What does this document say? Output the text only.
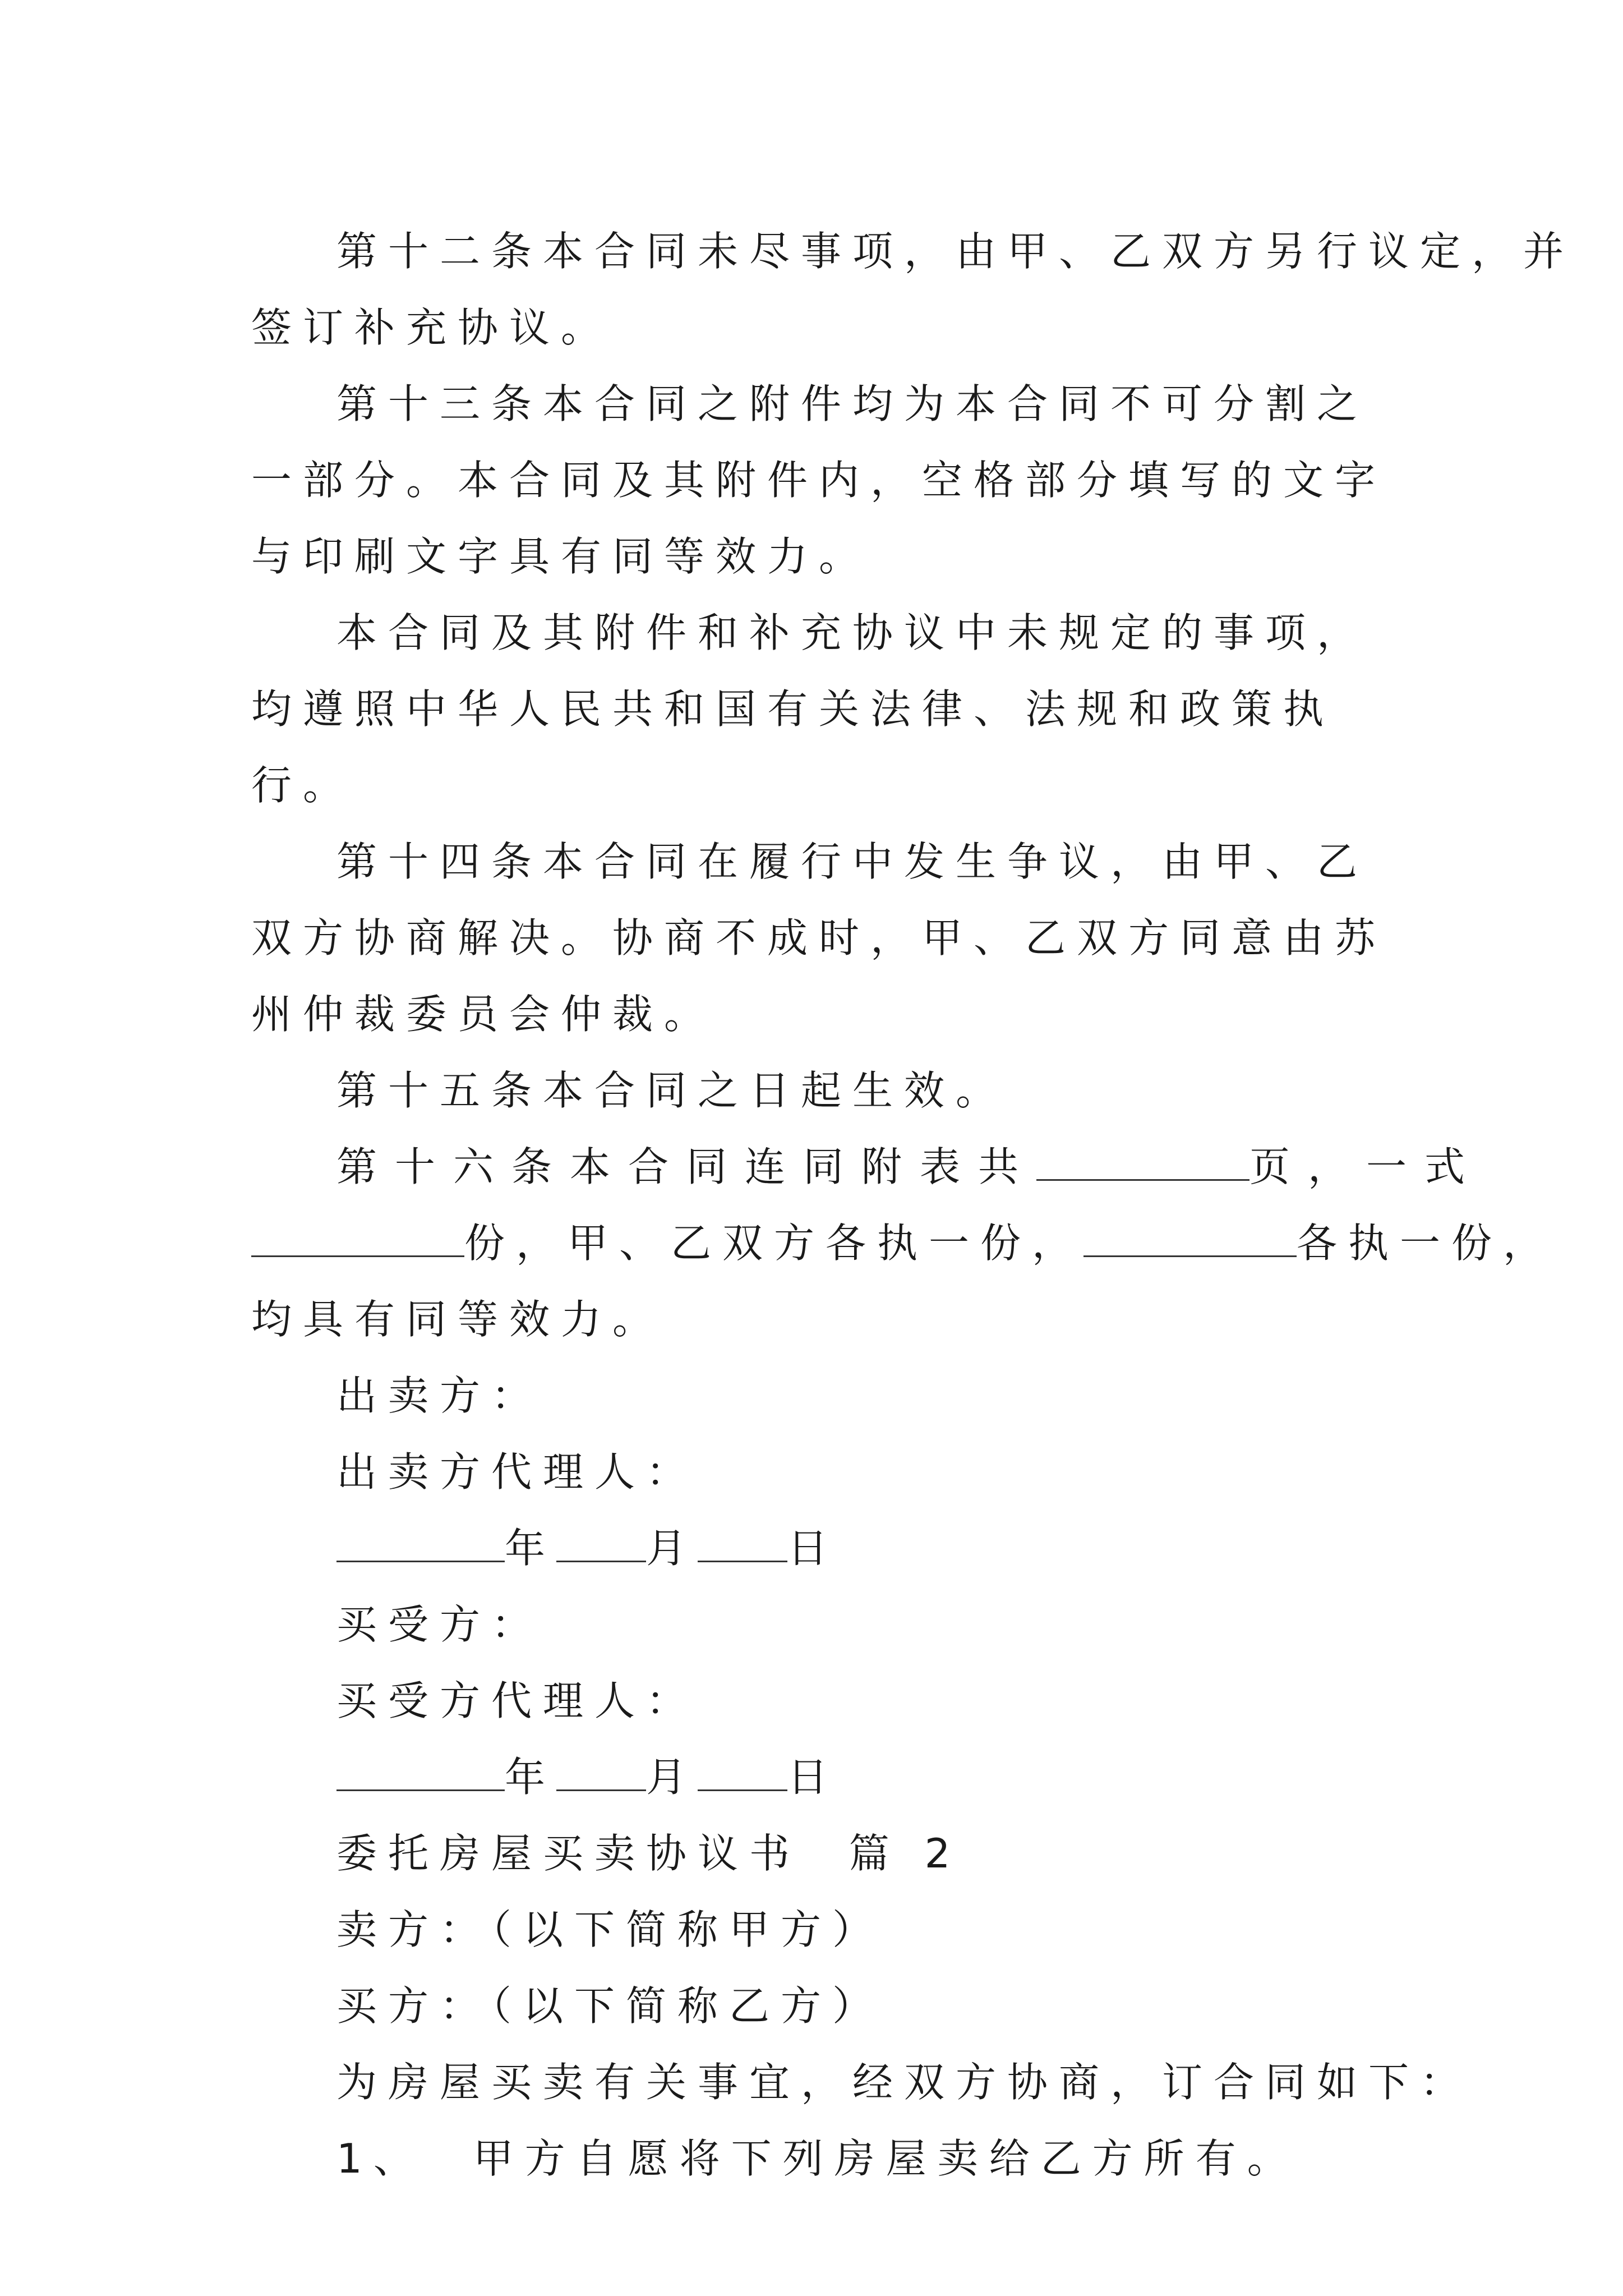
第十二条本合同未尽事项，由甲、乙双方另行议定，并

签订补充协议。

第十三条本合同之附件均为本合同不可分割之一部分。本合同及其附件内，空格部分填写的文字与印刷文字具有同等效力。

本合同及其附件和补充协议中未规定的事项，均遵照中华人民共和国有关法律、法规和政策执行。

第十四条本合同在履行中发生争议，由甲、乙双方协商解决。协商不成时，甲、乙双方同意由苏州仲裁委员会仲裁。

第十五条本合同之日起生效。

第十六条本合同连同附表共	页，一式

份，甲、乙双方各执一份，	各执一份，

均具有同等效力。

出卖方：

出卖方代理人：

年 月 日

买受方：

买受方代理人：

年 月 日

委托房屋买卖协议书  篇 2

卖方：（以下简称甲方）

买方：（以下简称乙方）

为房屋买卖有关事宜，经双方协商，订合同如下：

1、  甲方自愿将下列房屋卖给乙方所有。
